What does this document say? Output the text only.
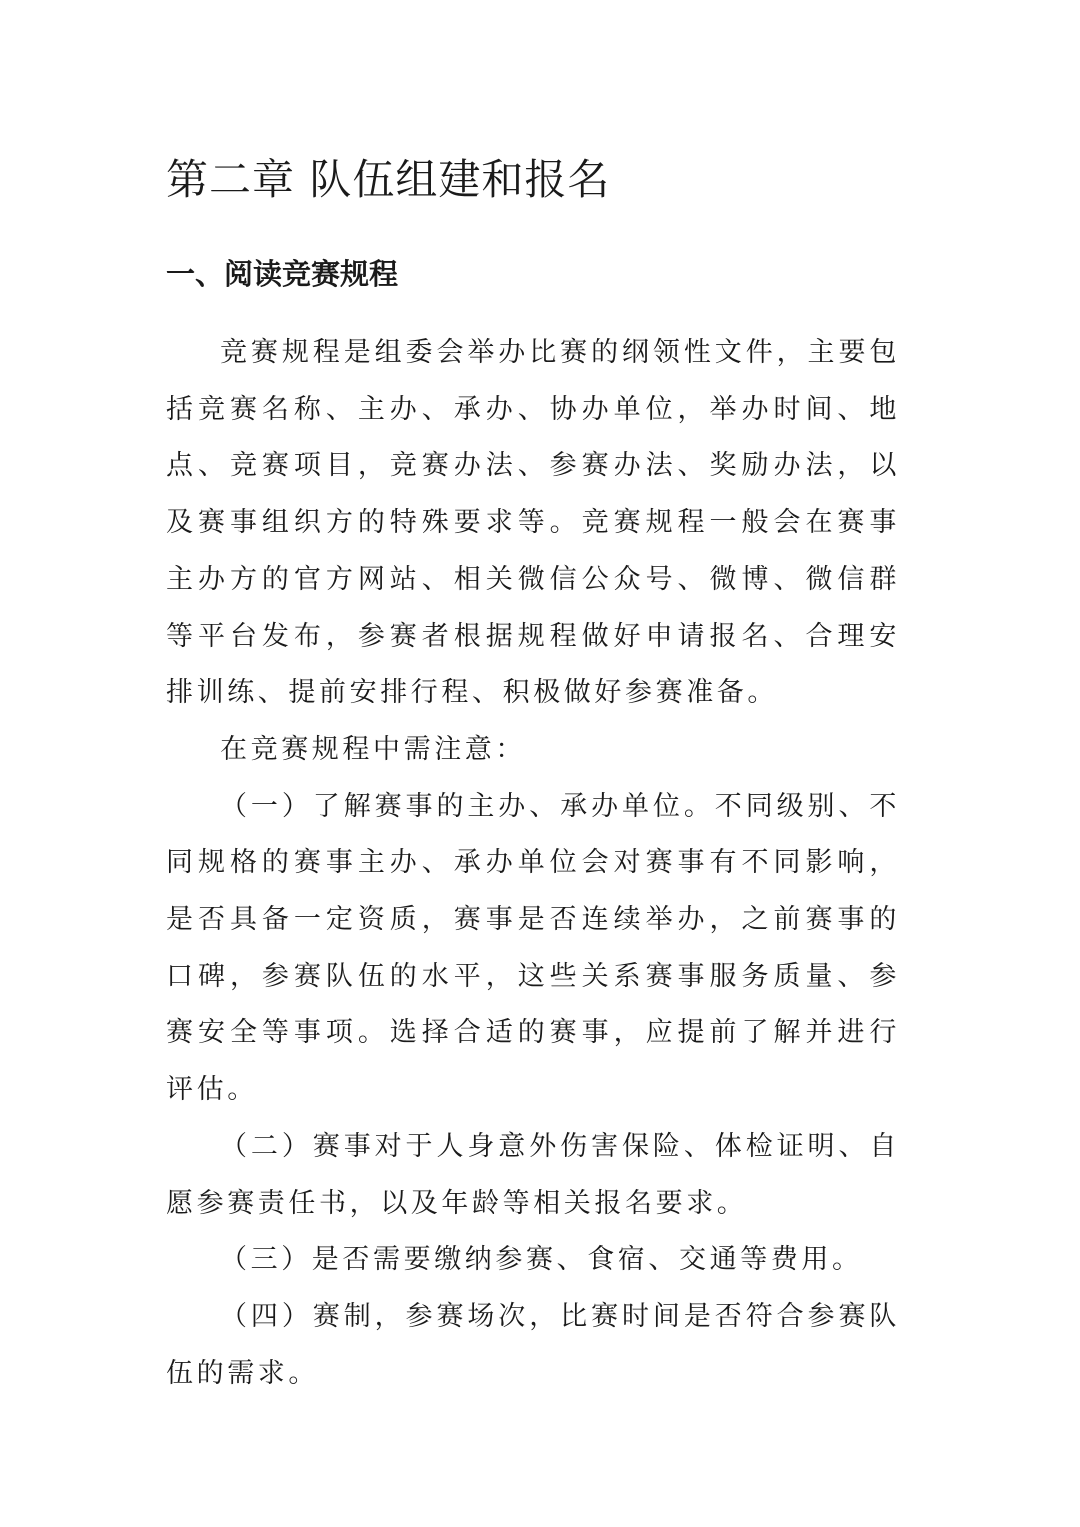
第二章 队伍组建和报名
一、阅读竞赛规程

竞赛规程是组委会举办比赛的纲领性文件，主要包括竞赛名称、主办、承办、协办单位，举办时间、地点、竞赛项目，竞赛办法、参赛办法、奖励办法，以及赛事组织方的特殊要求等。竞赛规程一般会在赛事主办方的官方网站、相关微信公众号、微博、微信群等平台发布，参赛者根据规程做好申请报名、合理安排训练、提前安排行程、积极做好参赛准备。

在竞赛规程中需注意：

（一）了解赛事的主办、承办单位。不同级别、不同规格的赛事主办、承办单位会对赛事有不同影响，是否具备一定资质，赛事是否连续举办，之前赛事的口碑，参赛队伍的水平，这些关系赛事服务质量、参赛安全等事项。选择合适的赛事，应提前了解并进行评估。

（二）赛事对于人身意外伤害保险、体检证明、自愿参赛责任书，以及年龄等相关报名要求。

（三）是否需要缴纳参赛、食宿、交通等费用。

（四）赛制，参赛场次，比赛时间是否符合参赛队伍的需求。
